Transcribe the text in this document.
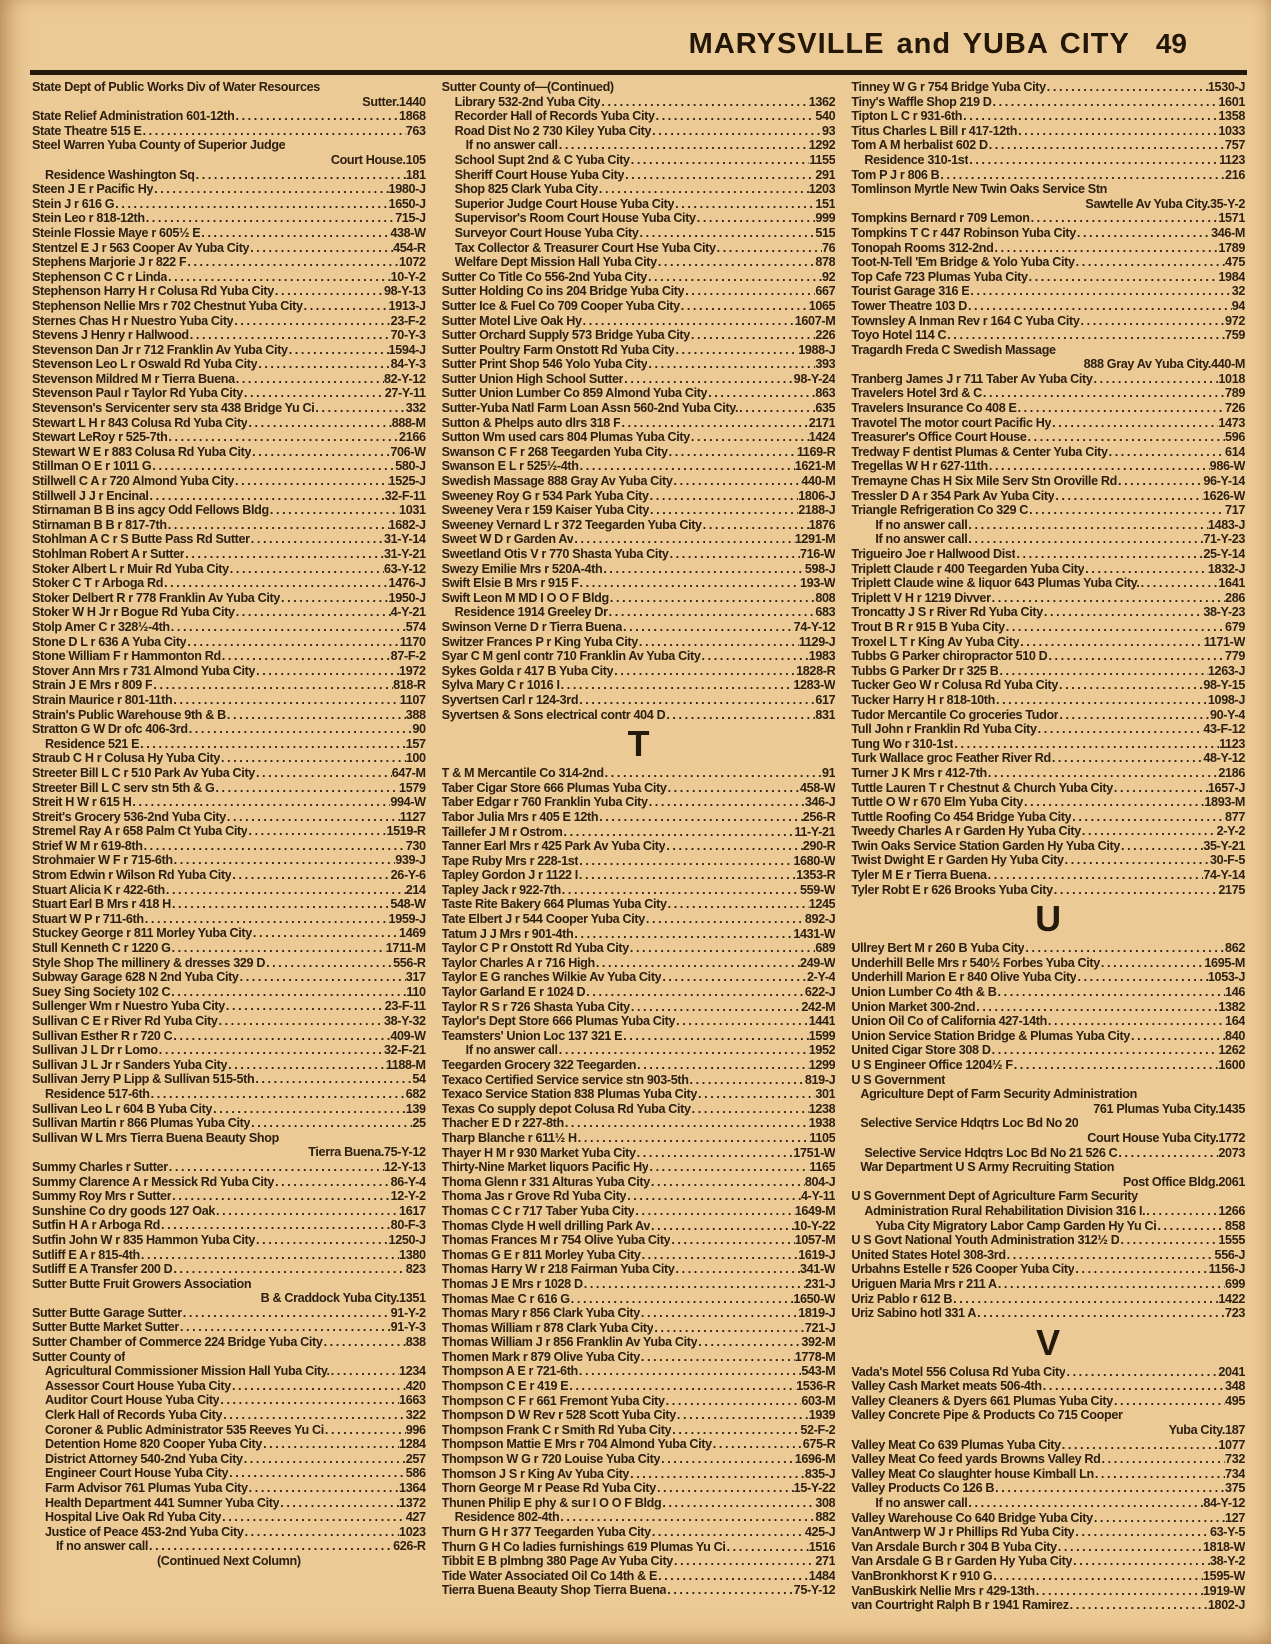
MARYSVILLE and YUBA CITY 49
State Dept of Public Works Div of Water Resources
Sutter. 1440
State Relief Administration 601-12th .....	1868
State Theatre 515 E .....	763
Steel Warren Yuba County of Superior Judge
Court House. 105
Residence Washington Sq .....	181
Steen J E r Pacific Hy .....	1980-J
Stein J r 616 G .....	1650-J
Stein Leo r 818-12th .....	715-J
Steinle Flossie Maye r 605½ E .....	438-W
Stentzel E J r 563 Cooper Av Yuba City .....	454-R
Stephens Marjorie J r 822 F .....	1072
Stephenson C C r Linda .....	10-Y-2
Stephenson Harry H r Colusa Rd Yuba City .....	98-Y-13
Stephenson Nellie Mrs r 702 Chestnut Yuba City .....	1913-J
Sternes Chas H r Nuestro Yuba City .....	23-F-2
Stevens J Henry r Hallwood .....	70-Y-3
Stevenson Dan Jr r 712 Franklin Av Yuba City .....	1594-J
Stevenson Leo L r Oswald Rd Yuba City .....	84-Y-3
Stevenson Mildred M r Tierra Buena .....	82-Y-12
Stevenson Paul r Taylor Rd Yuba City .....	27-Y-11
Stevenson's Servicenter serv sta 438 Bridge Yu Ci .....	332
Stewart L H r 843 Colusa Rd Yuba City .....	888-M
Stewart LeRoy r 525-7th .....	2166
Stewart W E r 883 Colusa Rd Yuba City .....	706-W
Stillman O E r 1011 G .....	580-J
Stillwell C A r 720 Almond Yuba City .....	1525-J
Stillwell J J r Encinal .....	32-F-11
Stirnaman B B ins agcy Odd Fellows Bldg .....	1031
Stirnaman B B r 817-7th .....	1682-J
Stohlman A C r S Butte Pass Rd Sutter .....	31-Y-14
Stohlman Robert A r Sutter .....	31-Y-21
Stoker Albert L r Muir Rd Yuba City .....	63-Y-12
Stoker C T r Arboga Rd .....	1476-J
Stoker Delbert R r 778 Franklin Av Yuba City .....	1950-J
Stoker W H Jr r Bogue Rd Yuba City .....	4-Y-21
Stolp Amer C r 328½-4th .....	574
Stone D L r 636 A Yuba City .....	1170
Stone William F r Hammonton Rd .....	87-F-2
Stover Ann Mrs r 731 Almond Yuba City .....	1972
Strain J E Mrs r 809 F .....	818-R
Strain Maurice r 801-11th .....	1107
Strain's Public Warehouse 9th & B .....	388
Stratton G W Dr ofc 406-3rd .....	90
Residence 521 E .....	157
Straub C H r Colusa Hy Yuba City .....	100
Streeter Bill L C r 510 Park Av Yuba City .....	647-M
Streeter Bill L C serv stn 5th & G .....	1579
Streit H W r 615 H .....	994-W
Streit's Grocery 536-2nd Yuba City .....	1127
Stremel Ray A r 658 Palm Ct Yuba City .....	1519-R
Strief W M r 619-8th .....	730
Strohmaier W F r 715-6th .....	939-J
Strom Edwin r Wilson Rd Yuba City .....	26-Y-6
Stuart Alicia K r 422-6th .....	214
Stuart Earl B Mrs r 418 H .....	548-W
Stuart W P r 711-6th .....	1959-J
Stuckey George r 811 Morley Yuba City .....	1469
Stull Kenneth C r 1220 G .....	1711-M
Style Shop The millinery & dresses 329 D .....	556-R
Subway Garage 628 N 2nd Yuba City .....	317
Suey Sing Society 102 C .....	110
Sullenger Wm r Nuestro Yuba City .....	23-F-11
Sullivan C E r River Rd Yuba City .....	38-Y-32
Sullivan Esther R r 720 C .....	409-W
Sullivan J L Dr r Lomo .....	32-F-21
Sullivan J L Jr r Sanders Yuba City .....	1188-M
Sullivan Jerry P Lipp & Sullivan 515-5th .....	54
Residence 517-6th .....	682
Sullivan Leo L r 604 B Yuba City .....	139
Sullivan Martin r 866 Plumas Yuba City .....	25
Sullivan W L Mrs Tierra Buena Beauty Shop
Tierra Buena. 75-Y-12
Summy Charles r Sutter .....	12-Y-13
Summy Clarence A r Messick Rd Yuba City .....	86-Y-4
Summy Roy Mrs r Sutter .....	12-Y-2
Sunshine Co dry goods 127 Oak .....	1617
Sutfin H A r Arboga Rd .....	80-F-3
Sutfin John W r 835 Hammon Yuba City .....	1250-J
Sutliff E A r 815-4th .....	1380
Sutliff E A Transfer 200 D .....	823
Sutter Butte Fruit Growers Association
B & Craddock Yuba City. 1351
Sutter Butte Garage Sutter .....	91-Y-2
Sutter Butte Market Sutter .....	91-Y-3
Sutter Chamber of Commerce 224 Bridge Yuba City .....	838
Sutter County of
Agricultural Commissioner Mission Hall Yuba City. .....	1234
Assessor Court House Yuba City .....	420
Auditor Court House Yuba City .....	1663
Clerk Hall of Records Yuba City .....	322
Coroner & Public Administrator 535 Reeves Yu Ci .....	996
Detention Home 820 Cooper Yuba City .....	1284
District Attorney 540-2nd Yuba City .....	257
Engineer Court House Yuba City .....	586
Farm Advisor 761 Plumas Yuba City .....	1364
Health Department 441 Sumner Yuba City .....	1372
Hospital Live Oak Rd Yuba City .....	427
Justice of Peace 453-2nd Yuba City .....	1023
If no answer call .....	626-R
(Continued Next Column)
Sutter County of—(Continued)
Library 532-2nd Yuba City .....	1362
Recorder Hall of Records Yuba City .....	540
Road Dist No 2 730 Kiley Yuba City .....	93
If no answer call .....	1292
School Supt 2nd & C Yuba City .....	1155
Sheriff Court House Yuba City .....	291
Shop 825 Clark Yuba City .....	1203
Superior Judge Court House Yuba City .....	151
Supervisor's Room Court House Yuba City .....	999
Surveyor Court House Yuba City .....	515
Tax Collector & Treasurer Court Hse Yuba City .....	76
Welfare Dept Mission Hall Yuba City .....	878
Sutter Co Title Co 556-2nd Yuba City .....	92
Sutter Holding Co ins 204 Bridge Yuba City .....	667
Sutter Ice & Fuel Co 709 Cooper Yuba City .....	1065
Sutter Motel Live Oak Hy .....	1607-M
Sutter Orchard Supply 573 Bridge Yuba City .....	226
Sutter Poultry Farm Onstott Rd Yuba City .....	1988-J
Sutter Print Shop 546 Yolo Yuba City .....	393
Sutter Union High School Sutter .....	98-Y-24
Sutter Union Lumber Co 859 Almond Yuba City .....	863
Sutter-Yuba Natl Farm Loan Assn 560-2nd Yuba City. .....	635
Sutton & Phelps auto dlrs 318 F .....	2171
Sutton Wm used cars 804 Plumas Yuba City .....	1424
Swanson C F r 268 Teegarden Yuba City .....	1169-R
Swanson E L r 525½-4th .....	1621-M
Swedish Massage 888 Gray Av Yuba City .....	440-M
Sweeney Roy G r 534 Park Yuba City .....	1806-J
Sweeney Vera r 159 Kaiser Yuba City .....	2188-J
Sweeney Vernard L r 372 Teegarden Yuba City .....	1876
Sweet W D r Garden Av .....	1291-M
Sweetland Otis V r 770 Shasta Yuba City .....	716-W
Swezy Emilie Mrs r 520A-4th .....	598-J
Swift Elsie B Mrs r 915 F .....	193-W
Swift Leon M MD I O O F Bldg .....	808
Residence 1914 Greeley Dr .....	683
Swinson Verne D r Tierra Buena .....	74-Y-12
Switzer Frances P r King Yuba City .....	1129-J
Syar C M genl contr 710 Franklin Av Yuba City .....	1983
Sykes Golda r 417 B Yuba City .....	1828-R
Sylva Mary C r 1016 I .....	1283-W
Syvertsen Carl r 124-3rd .....	617
Syvertsen & Sons electrical contr 404 D .....	831
T
T & M Mercantile Co 314-2nd .....	91
Taber Cigar Store 666 Plumas Yuba City .....	458-W
Taber Edgar r 760 Franklin Yuba City .....	346-J
Tabor Julia Mrs r 405 E 12th .....	256-R
Taillefer J M r Ostrom .....	11-Y-21
Tanner Earl Mrs r 425 Park Av Yuba City .....	290-R
Tape Ruby Mrs r 228-1st .....	1680-W
Tapley Gordon J r 1122 I .....	1353-R
Tapley Jack r 922-7th .....	559-W
Taste Rite Bakery 664 Plumas Yuba City .....	1245
Tate Elbert J r 544 Cooper Yuba City .....	892-J
Tatum J J Mrs r 901-4th .....	1431-W
Taylor C P r Onstott Rd Yuba City .....	689
Taylor Charles A r 716 High .....	249-W
Taylor E G ranches Wilkie Av Yuba City .....	2-Y-4
Taylor Garland E r 1024 D .....	622-J
Taylor R S r 726 Shasta Yuba City .....	242-M
Taylor's Dept Store 666 Plumas Yuba City .....	1441
Teamsters' Union Loc 137 321 E .....	1599
If no answer call .....	1952
Teegarden Grocery 322 Teegarden .....	1299
Texaco Certified Service service stn 903-5th .....	819-J
Texaco Service Station 838 Plumas Yuba City .....	301
Texas Co supply depot Colusa Rd Yuba City .....	1238
Thacher E D r 227-8th .....	1938
Tharp Blanche r 611½ H .....	1105
Thayer H M r 930 Market Yuba City .....	1751-W
Thirty-Nine Market liquors Pacific Hy .....	1165
Thoma Glenn r 331 Alturas Yuba City .....	804-J
Thoma Jas r Grove Rd Yuba City .....	4-Y-11
Thomas C C r 717 Taber Yuba City .....	1649-M
Thomas Clyde H well drilling Park Av .....	10-Y-22
Thomas Frances M r 754 Olive Yuba City .....	1057-M
Thomas G E r 811 Morley Yuba City .....	1619-J
Thomas Harry W r 218 Fairman Yuba City .....	341-W
Thomas J E Mrs r 1028 D .....	231-J
Thomas Mae C r 616 G .....	1650-W
Thomas Mary r 856 Clark Yuba City .....	1819-J
Thomas William r 878 Clark Yuba City .....	721-J
Thomas William J r 856 Franklin Av Yuba City .....	392-M
Thomen Mark r 879 Olive Yuba City .....	1778-M
Thompson A E r 721-6th .....	543-M
Thompson C E r 419 E .....	1536-R
Thompson C F r 661 Fremont Yuba City .....	603-M
Thompson D W Rev r 528 Scott Yuba City .....	1939
Thompson Frank C r Smith Rd Yuba City .....	52-F-2
Thompson Mattie E Mrs r 704 Almond Yuba City .....	675-R
Thompson W G r 720 Louise Yuba City .....	1696-M
Thomson J S r King Av Yuba City .....	835-J
Thorn George M r Pease Rd Yuba City .....	15-Y-22
Thunen Philip E phy & sur I O O F Bldg .....	308
Residence 802-4th .....	882
Thurn G H r 377 Teegarden Yuba City .....	425-J
Thurn G H Co ladies furnishings 619 Plumas Yu Ci .....	1516
Tibbit E B plmbng 380 Page Av Yuba City .....	271
Tide Water Associated Oil Co 14th & E .....	1484
Tierra Buena Beauty Shop Tierra Buena .....	75-Y-12
Tinney W G r 754 Bridge Yuba City .....	1530-J
Tiny's Waffle Shop 219 D .....	1601
Tipton L C r 931-6th .....	1358
Titus Charles L Bill r 417-12th .....	1033
Tom A M herbalist 602 D .....	757
Residence 310-1st .....	1123
Tom P J r 806 B .....	216
Tomlinson Myrtle New Twin Oaks Service Stn
Sawtelle Av Yuba City. 35-Y-2
Tompkins Bernard r 709 Lemon .....	1571
Tompkins T C r 447 Robinson Yuba City .....	346-M
Tonopah Rooms 312-2nd .....	1789
Toot-N-Tell 'Em Bridge & Yolo Yuba City .....	475
Top Cafe 723 Plumas Yuba City .....	1984
Tourist Garage 316 E .....	32
Tower Theatre 103 D .....	94
Townsley A Inman Rev r 164 C Yuba City .....	972
Toyo Hotel 114 C .....	759
Tragardh Freda C Swedish Massage
888 Gray Av Yuba City. 440-M
Tranberg James J r 711 Taber Av Yuba City .....	1018
Travelers Hotel 3rd & C .....	789
Travelers Insurance Co 408 E .....	726
Travotel The motor court Pacific Hy .....	1473
Treasurer's Office Court House .....	596
Tredway F dentist Plumas & Center Yuba City .....	614
Tregellas W H r 627-11th .....	986-W
Tremayne Chas H Six Mile Serv Stn Oroville Rd .....	96-Y-14
Tressler D A r 354 Park Av Yuba City .....	1626-W
Triangle Refrigeration Co 329 C .....	717
If no answer call .....	1483-J
If no answer call .....	71-Y-23
Trigueiro Joe r Hallwood Dist .....	25-Y-14
Triplett Claude r 400 Teegarden Yuba City .....	1832-J
Triplett Claude wine & liquor 643 Plumas Yuba City. .....	1641
Triplett V H r 1219 Divver .....	286
Troncatty J S r River Rd Yuba City .....	38-Y-23
Trout B R r 915 B Yuba City .....	679
Troxel L T r King Av Yuba City .....	1171-W
Tubbs G Parker chiropractor 510 D .....	779
Tubbs G Parker Dr r 325 B .....	1263-J
Tucker Geo W r Colusa Rd Yuba City .....	98-Y-15
Tucker Harry H r 818-10th .....	1098-J
Tudor Mercantile Co groceries Tudor .....	90-Y-4
Tull John r Franklin Rd Yuba City .....	43-F-12
Tung Wo r 310-1st .....	1123
Turk Wallace groc Feather River Rd .....	48-Y-12
Turner J K Mrs r 412-7th .....	2186
Tuttle Lauren T r Chestnut & Church Yuba City .....	1657-J
Tuttle O W r 670 Elm Yuba City .....	1893-M
Tuttle Roofing Co 454 Bridge Yuba City .....	877
Tweedy Charles A r Garden Hy Yuba City .....	2-Y-2
Twin Oaks Service Station Garden Hy Yuba City .....	35-Y-21
Twist Dwight E r Garden Hy Yuba City .....	30-F-5
Tyler M E r Tierra Buena .....	74-Y-14
Tyler Robt E r 626 Brooks Yuba City .....	2175
U
Ullrey Bert M r 260 B Yuba City .....	862
Underhill Belle Mrs r 540½ Forbes Yuba City .....	1695-M
Underhill Marion E r 840 Olive Yuba City .....	1053-J
Union Lumber Co 4th & B .....	146
Union Market 300-2nd .....	1382
Union Oil Co of California 427-14th .....	164
Union Service Station Bridge & Plumas Yuba City .....	840
United Cigar Store 308 D .....	1262
U S Engineer Office 1204½ F .....	1600
U S Government
Agriculture Dept of Farm Security Administration
761 Plumas Yuba City. 1435
Selective Service Hdqtrs Loc Bd No 20
Court House Yuba City. 1772
Selective Service Hdqtrs Loc Bd No 21 526 C .....	2073
War Department U S Army Recruiting Station
Post Office Bldg. 2061
U S Government Dept of Agriculture Farm Security
Administration Rural Rehabilitation Division 316 I. .....	1266
Yuba City Migratory Labor Camp Garden Hy Yu Ci .....	858
U S Govt National Youth Administration 312½ D .....	1555
United States Hotel 308-3rd .....	556-J
Urbahns Estelle r 526 Cooper Yuba City .....	1156-J
Uriguen Maria Mrs r 211 A .....	699
Uriz Pablo r 612 B .....	1422
Uriz Sabino hotl 331 A .....	723
V
Vada's Motel 556 Colusa Rd Yuba City .....	2041
Valley Cash Market meats 506-4th .....	348
Valley Cleaners & Dyers 661 Plumas Yuba City .....	495
Valley Concrete Pipe & Products Co 715 Cooper
Yuba City. 187
Valley Meat Co 639 Plumas Yuba City .....	1077
Valley Meat Co feed yards Browns Valley Rd .....	732
Valley Meat Co slaughter house Kimball Ln .....	734
Valley Products Co 126 B .....	375
If no answer call .....	84-Y-12
Valley Warehouse Co 640 Bridge Yuba City .....	127
VanAntwerp W J r Phillips Rd Yuba City .....	63-Y-5
Van Arsdale Burch r 304 B Yuba City .....	1818-W
Van Arsdale G B r Garden Hy Yuba City .....	38-Y-2
VanBronkhorst K r 910 G .....	1595-W
VanBuskirk Nellie Mrs r 429-13th .....	1919-W
van Courtright Ralph B r 1941 Ramirez .....	1802-J
